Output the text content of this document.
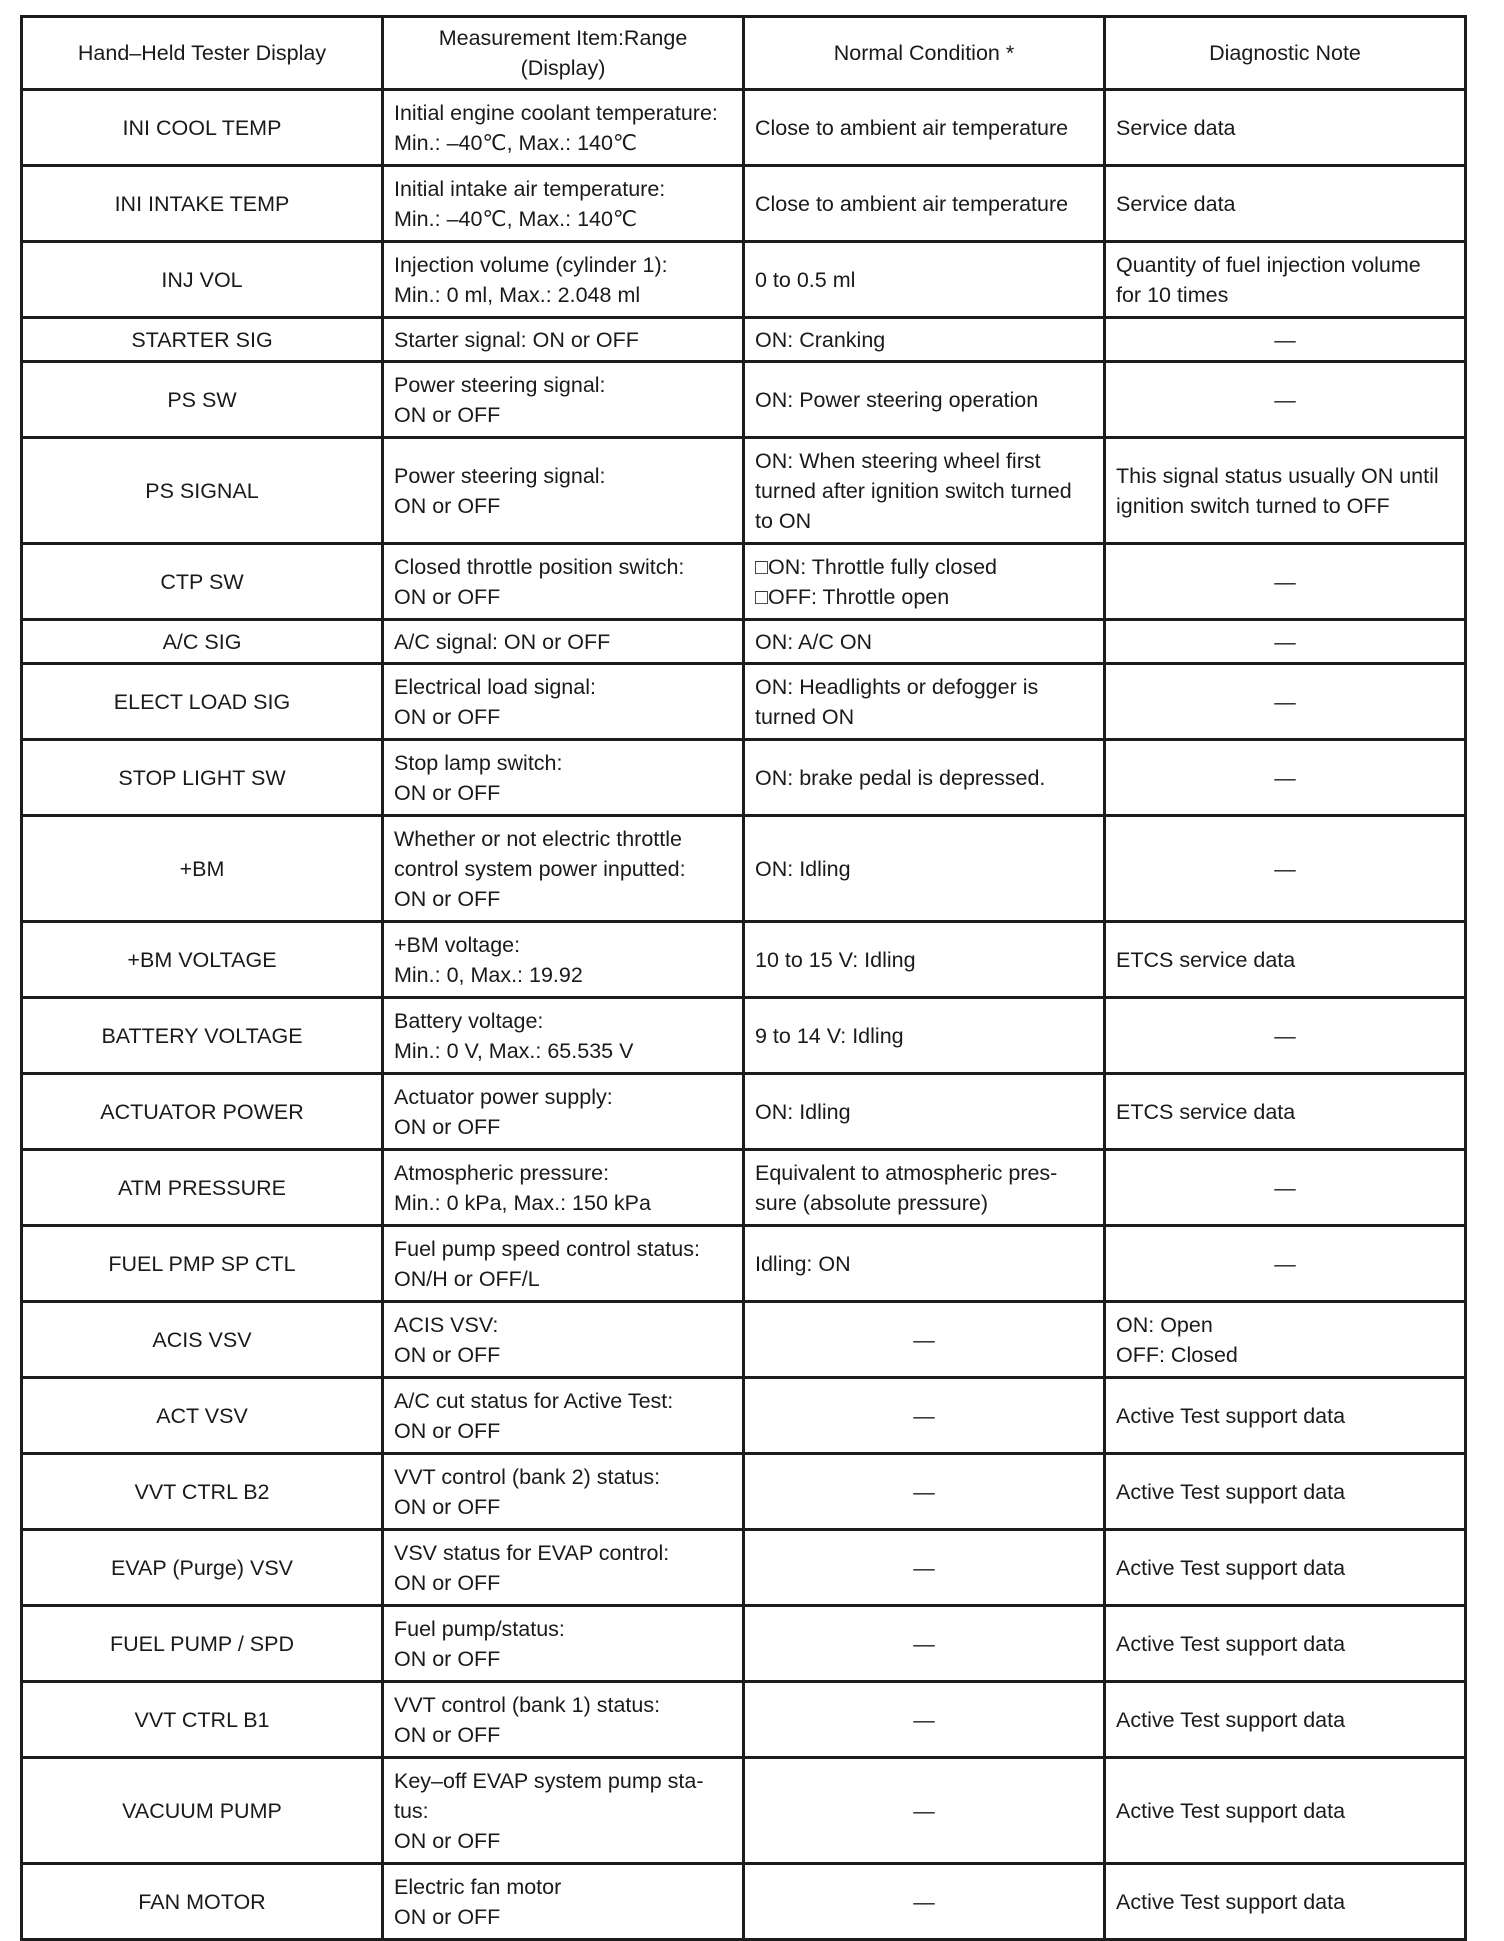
Hand–Held Tester Display	Measurement Item:Range
(Display)	Normal Condition *	Diagnostic Note
INI COOL TEMP	Initial engine coolant temperature:
Min.: –40℃, Max.: 140℃	Close to ambient air temperature	Service data
INI INTAKE TEMP	Initial intake air temperature:
Min.: –40℃, Max.: 140℃	Close to ambient air temperature	Service data
INJ VOL	Injection volume (cylinder 1):
Min.: 0 ml, Max.: 2.048 ml	0 to 0.5 ml	Quantity of fuel injection volume
for 10 times
STARTER SIG	Starter signal: ON or OFF	ON: Cranking	—
PS SW	Power steering signal:
ON or OFF	ON: Power steering operation	—
PS SIGNAL	Power steering signal:
ON or OFF	ON: When steering wheel first
turned after ignition switch turned
to ON	This signal status usually ON until
ignition switch turned to OFF
CTP SW	Closed throttle position switch:
ON or OFF	□ON: Throttle fully closed
□OFF: Throttle open	—
A/C SIG	A/C signal: ON or OFF	ON: A/C ON	—
ELECT LOAD SIG	Electrical load signal:
ON or OFF	ON: Headlights or defogger is
turned ON	—
STOP LIGHT SW	Stop lamp switch:
ON or OFF	ON: brake pedal is depressed.	—
+BM	Whether or not electric throttle
control system power inputted:
ON or OFF	ON: Idling	—
+BM VOLTAGE	+BM voltage:
Min.: 0, Max.: 19.92	10 to 15 V: Idling	ETCS service data
BATTERY VOLTAGE	Battery voltage:
Min.: 0 V, Max.: 65.535 V	9 to 14 V: Idling	—
ACTUATOR POWER	Actuator power supply:
ON or OFF	ON: Idling	ETCS service data
ATM PRESSURE	Atmospheric pressure:
Min.: 0 kPa, Max.: 150 kPa	Equivalent to atmospheric pres-
sure (absolute pressure)	—
FUEL PMP SP CTL	Fuel pump speed control status:
ON/H or OFF/L	Idling: ON	—
ACIS VSV	ACIS VSV:
ON or OFF	—	ON: Open
OFF: Closed
ACT VSV	A/C cut status for Active Test:
ON or OFF	—	Active Test support data
VVT CTRL B2	VVT control (bank 2) status:
ON or OFF	—	Active Test support data
EVAP (Purge) VSV	VSV status for EVAP control:
ON or OFF	—	Active Test support data
FUEL PUMP / SPD	Fuel pump/status:
ON or OFF	—	Active Test support data
VVT CTRL B1	VVT control (bank 1) status:
ON or OFF	—	Active Test support data
VACUUM PUMP	Key–off EVAP system pump sta-
tus:
ON or OFF	—	Active Test support data
FAN MOTOR	Electric fan motor
ON or OFF	—	Active Test support data
